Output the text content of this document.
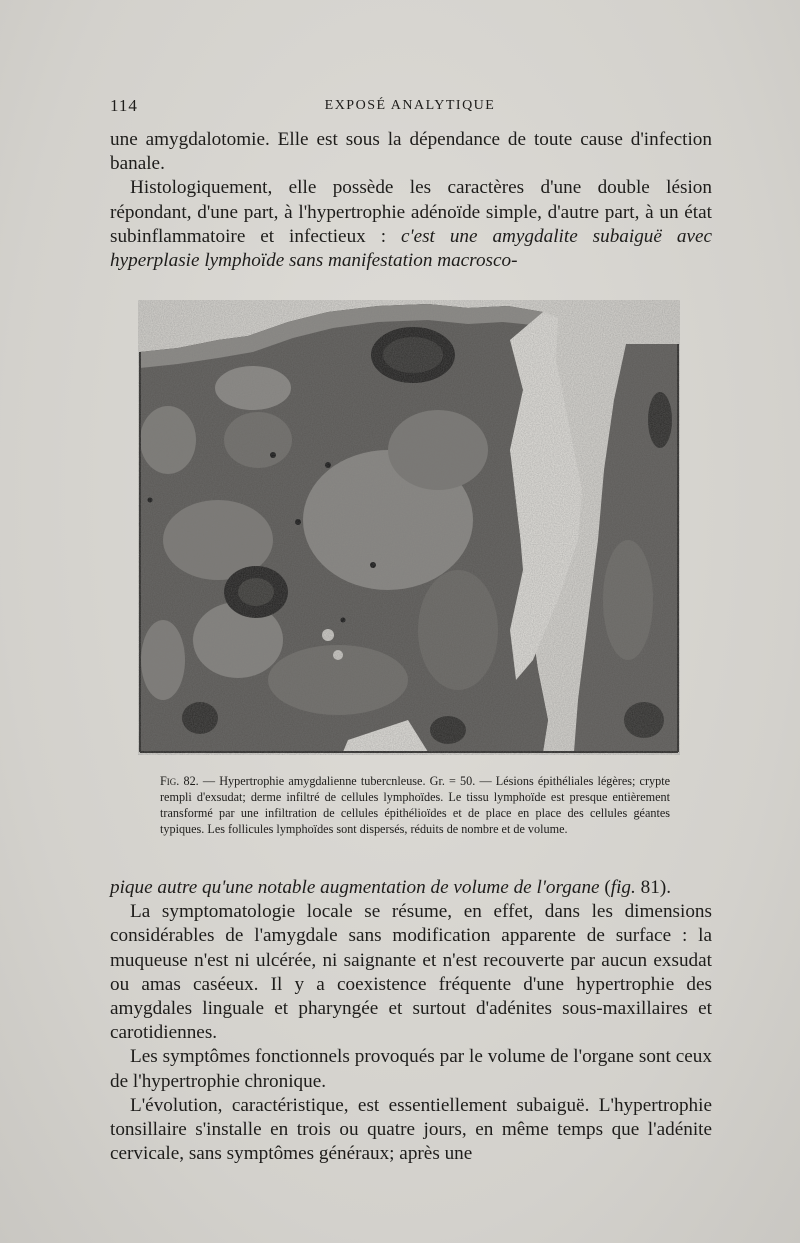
114	EXPOSÉ ANALYTIQUE

une amygdalotomie. Elle est sous la dépendance de toute cause d'infection banale.

Histologiquement, elle possède les caractères d'une double lésion répondant, d'une part, à l'hypertrophie adénoïde simple, d'autre part, à un état subinflammatoire et infectieux : c'est une amygdalite subaiguë avec hyperplasie lymphoïde sans manifestation macrosco-

Fig. 82. — Hypertrophie amygdalienne tubercnleuse. Gr. = 50. — Lésions épithéliales légères; crypte rempli d'exsudat; derme infiltré de cellules lymphoïdes. Le tissu lymphoïde est presque entièrement transformé par une infiltration de cellules épithélioïdes et de place en place des cellules géantes typiques. Les follicules lymphoïdes sont dispersés, réduits de nombre et de volume.

pique autre qu'une notable augmentation de volume de l'organe (fig. 81).

La symptomatologie locale se résume, en effet, dans les dimensions considérables de l'amygdale sans modification apparente de surface : la muqueuse n'est ni ulcérée, ni saignante et n'est recouverte par aucun exsudat ou amas caséeux. Il y a coexistence fréquente d'une hypertrophie des amygdales linguale et pharyngée et surtout d'adénites sous-maxillaires et carotidiennes.

Les symptômes fonctionnels provoqués par le volume de l'organe sont ceux de l'hypertrophie chronique.

L'évolution, caractéristique, est essentiellement subaiguë. L'hypertrophie tonsillaire s'installe en trois ou quatre jours, en même temps que l'adénite cervicale, sans symptômes généraux; après une
